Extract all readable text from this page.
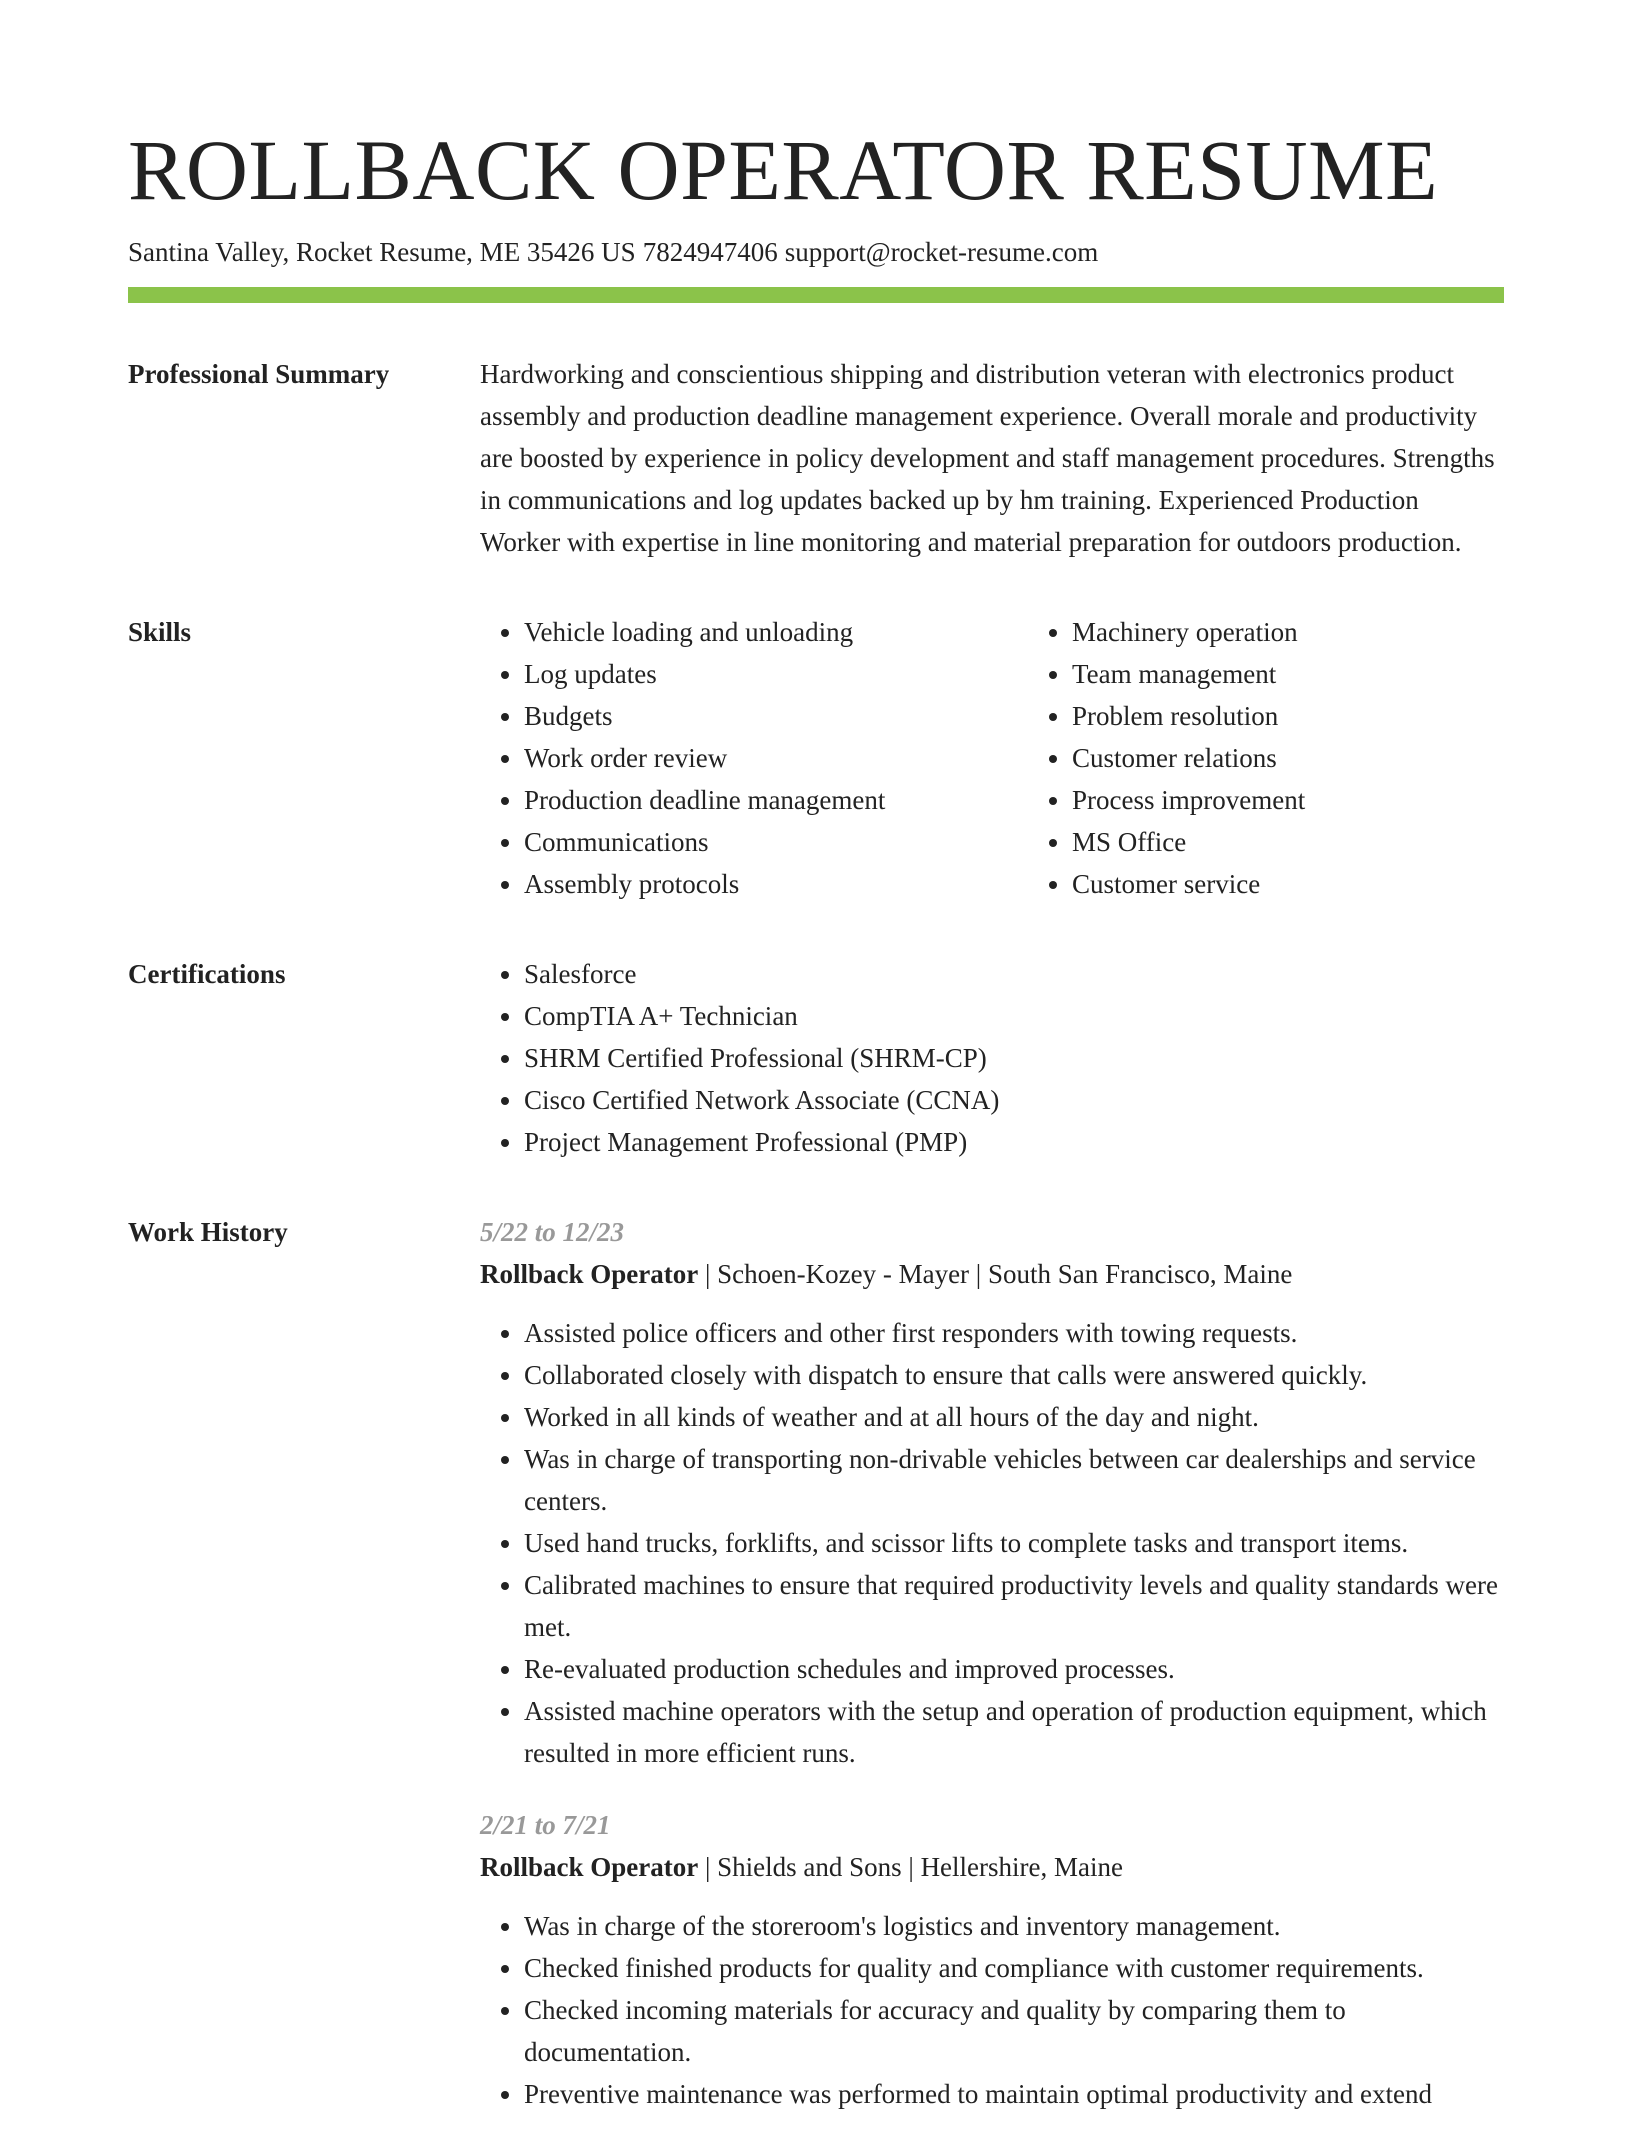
ROLLBACK OPERATOR RESUME
Santina Valley, Rocket Resume, ME 35426 US 7824947406 support@rocket-resume.com
Professional Summary	Hardworking and conscientious shipping and distribution veteran with electronics product assembly and production deadline management experience. Overall morale and productivity are boosted by experience in policy development and staff management procedures. Strengths in communications and log updates backed up by hm training. Experienced Production Worker with expertise in line monitoring and material preparation for outdoors production.

Skills	• Vehicle loading and unloading
• Log updates
• Budgets
• Work order review
• Production deadline management
• Communications
• Assembly protocols
• Machinery operation
• Team management
• Problem resolution
• Customer relations
• Process improvement
• MS Office
• Customer service
Certifications	• Salesforce
• CompTIA A+ Technician
• SHRM Certified Professional (SHRM-CP)
• Cisco Certified Network Associate (CCNA)
• Project Management Professional (PMP)
Work History	5/22 to 12/23
Rollback Operator | Schoen-Kozey - Mayer | South San Francisco, Maine
• Assisted police officers and other first responders with towing requests.
• Collaborated closely with dispatch to ensure that calls were answered quickly.
• Worked in all kinds of weather and at all hours of the day and night.
• Was in charge of transporting non-drivable vehicles between car dealerships and service centers.
• Used hand trucks, forklifts, and scissor lifts to complete tasks and transport items.
• Calibrated machines to ensure that required productivity levels and quality standards were met.
• Re-evaluated production schedules and improved processes.
• Assisted machine operators with the setup and operation of production equipment, which resulted in more efficient runs.
2/21 to 7/21
Rollback Operator | Shields and Sons | Hellershire, Maine
• Was in charge of the storeroom's logistics and inventory management.
• Checked finished products for quality and compliance with customer requirements.
• Checked incoming materials for accuracy and quality by comparing them to documentation.
• Preventive maintenance was performed to maintain optimal productivity and extend
